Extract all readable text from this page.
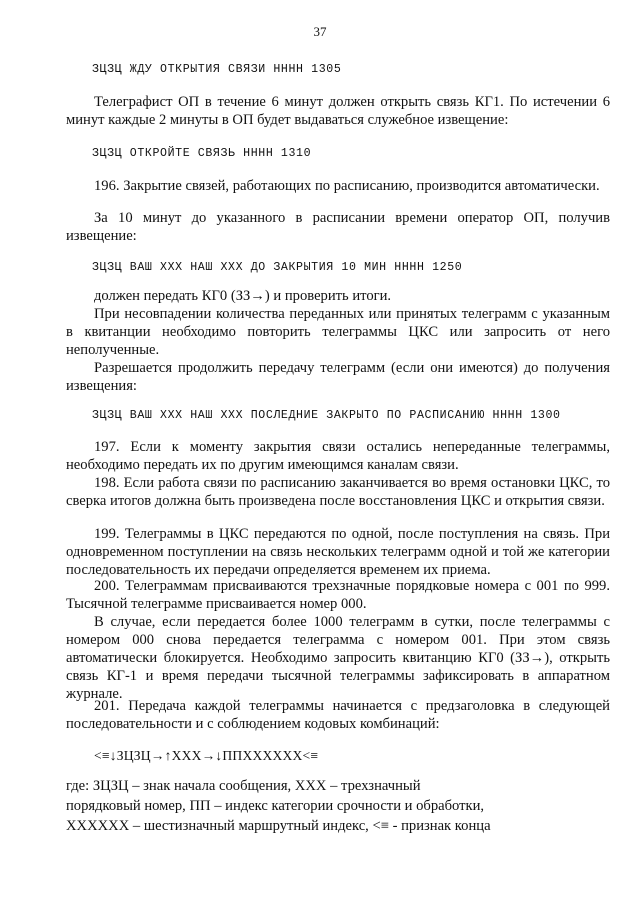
37
ЗЦЗЦ ЖДУ ОТКРЫТИЯ СВЯЗИ НННН 1305
Телеграфист ОП в течение 6 минут должен открыть связь КГ1. По истечении 6 минут каждые 2 минуты в ОП будет выдаваться служебное извещение:
ЗЦЗЦ ОТКРОЙТЕ СВЯЗЬ НННН 1310
196. Закрытие связей, работающих по расписанию, производится автоматически.
За 10 минут до указанного в расписании времени оператор ОП, получив извещение:
ЗЦЗЦ ВАШ ХХХ НАШ ХХХ ДО ЗАКРЫТИЯ 10 МИН НННН 1250
должен передать КГ0 (ЗЗ→) и проверить итоги.
При несовпадении количества переданных или принятых телеграмм с указанным в квитанции необходимо повторить телеграммы ЦКС или запросить от него неполученные.
Разрешается продолжить передачу телеграмм (если они имеются) до получения извещения:
ЗЦЗЦ ВАШ ХХХ НАШ ХХХ ПОСЛЕДНИЕ ЗАКРЫТО ПО РАСПИСАНИЮ НННН 1300
197. Если к моменту закрытия связи остались непереданные телеграммы, необходимо передать их по другим имеющимся каналам связи.
198. Если работа связи по расписанию заканчивается во время остановки ЦКС, то сверка итогов должна быть произведена после восстановления ЦКС и открытия связи.
199. Телеграммы в ЦКС передаются по одной, после поступления на связь. При одновременном поступлении на связь нескольких телеграмм одной и той же категории последовательность их передачи определяется временем их приема.
200. Телеграммам присваиваются трехзначные порядковые номера с 001 по 999. Тысячной телеграмме присваивается номер 000.
В случае, если передается более 1000 телеграмм в сутки, после телеграммы с номером 000 снова передается телеграмма с номером 001. При этом связь автоматически блокируется. Необходимо запросить квитанцию КГ0 (ЗЗ→), открыть связь КГ-1 и время передачи тысячной телеграммы зафиксировать в аппаратном журнале.
201. Передача каждой телеграммы начинается с предзаголовка в следующей последовательности и с соблюдением кодовых комбинаций:
<≡↓ЗЦЗЦ→↑ХХХ→↓ППХХХХХХ<≡
где: ЗЦЗЦ – знак начала сообщения, ХХХ – трехзначный
порядковый номер, ПП – индекс категории срочности и обработки,
ХХХХХХ – шестизначный маршрутный индекс, <≡ - признак конца
